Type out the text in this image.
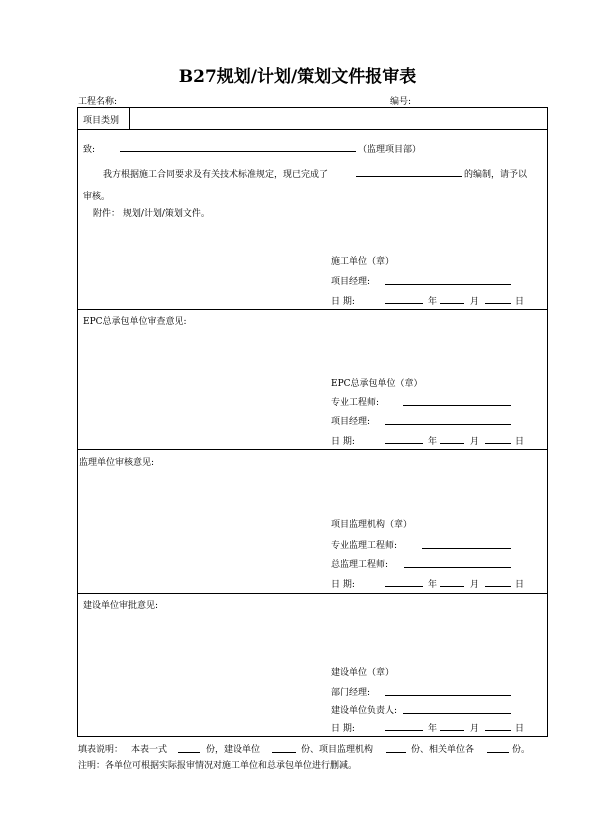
B27规划/计划/策划文件报审表
工程名称:	编号:
项目类别
致:	（监理项目部）
我方根据施工合同要求及有关技术标准规定，现已完成了	的编制，请予以
审核。
附件： 规划/计划/策划文件。
施工单位（章）
项目经理:
日 期:	年	月	日
EPC总承包单位审查意见:
EPC总承包单位（章）
专业工程师:
项目经理:
日 期:	年	月	日
监理单位审核意见:
项目监理机构（章）
专业监理工程师:
总监理工程师:
日 期:	年	月	日
建设单位审批意见:
建设单位（章）
部门经理:
建设单位负责人:
日 期:	年	月	日
填表说明： 本表一式	份，建设单位	份、项目监理机构	份、相关单位各	份。
注明：各单位可根据实际报审情况对施工单位和总承包单位进行删减。
